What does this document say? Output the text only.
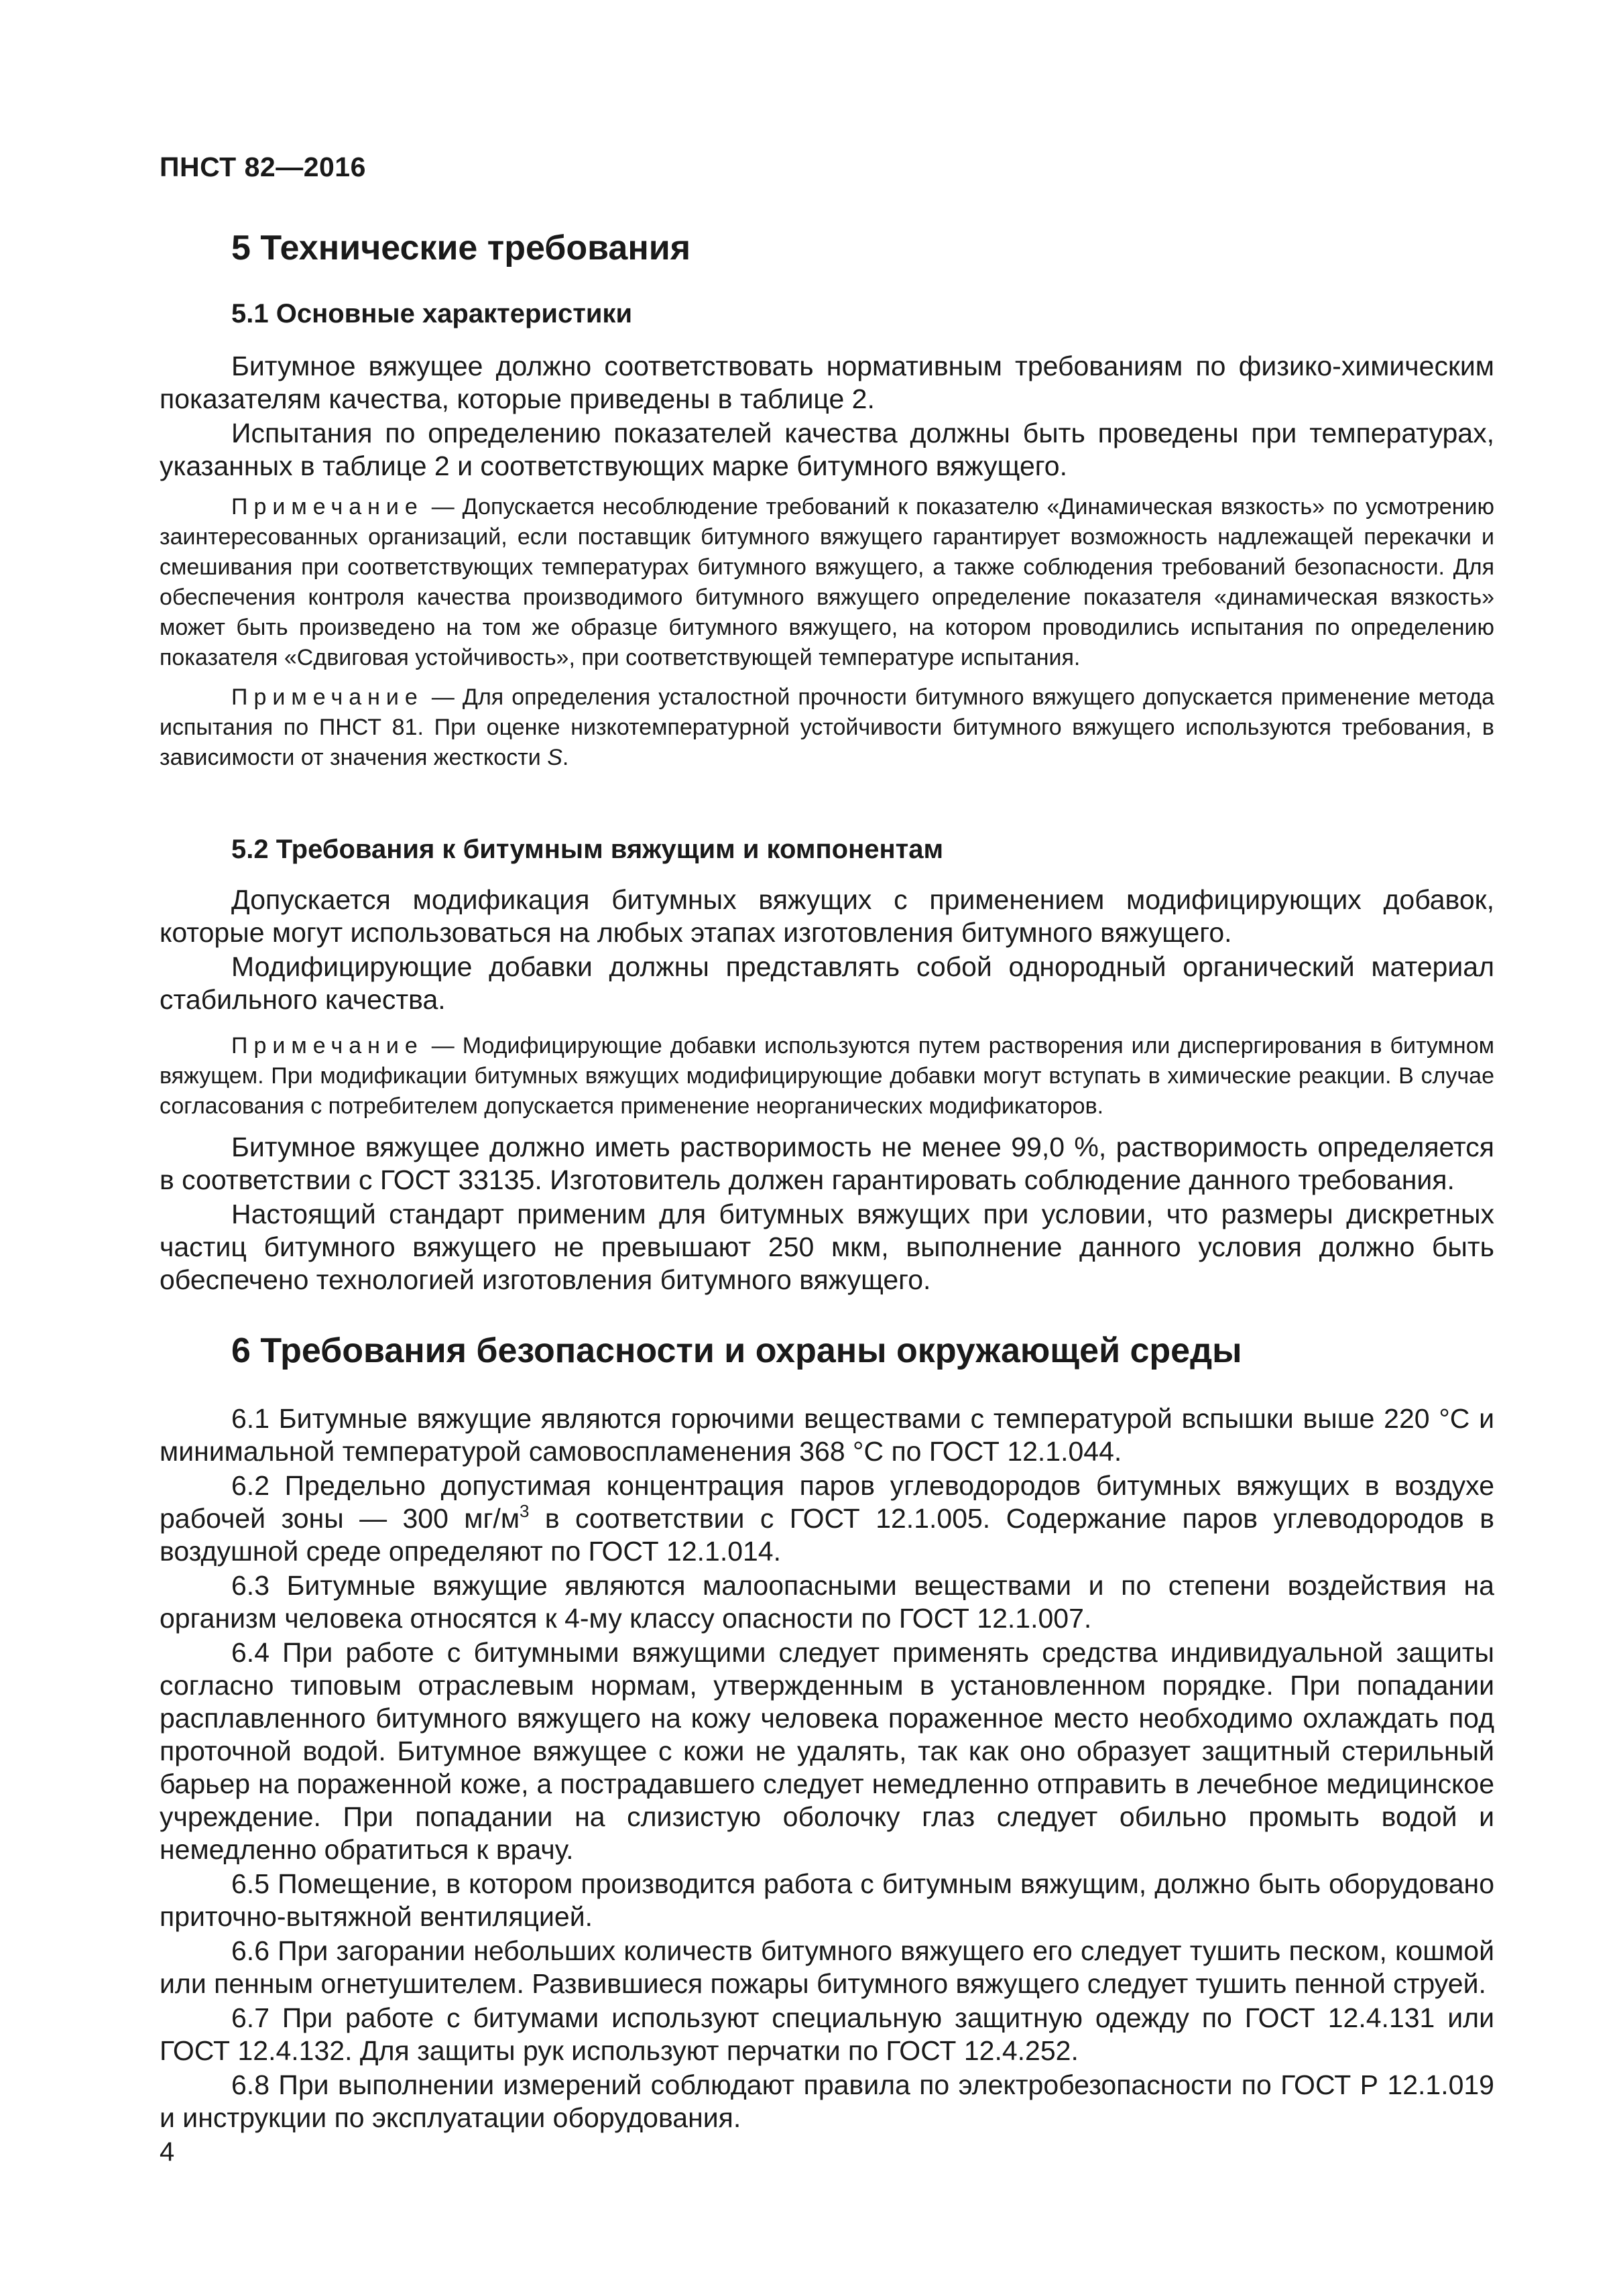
ПНСТ 82—2016
5 Технические требования
5.1 Основные характеристики

Битумное вяжущее должно соответствовать нормативным требованиям по физико-химическим показателям качества, которые приведены в таблице 2.

Испытания по определению показателей качества должны быть проведены при температурах, указанных в таблице 2 и соответствующих марке битумного вяжущего.

Примечание — Допускается несоблюдение требований к показателю «Динамическая вязкость» по усмотрению заинтересованных организаций, если поставщик битумного вяжущего гарантирует возможность надлежащей перекачки и смешивания при соответствующих температурах битумного вяжущего, а также соблюдения требований безопасности. Для обеспечения контроля качества производимого битумного вяжущего определение показателя «динамическая вязкость» может быть произведено на том же образце битумного вяжущего, на котором проводились испытания по определению показателя «Сдвиговая устойчивость», при соответствующей температуре испытания.

Примечание — Для определения усталостной прочности битумного вяжущего допускается применение метода испытания по ПНСТ 81. При оценке низкотемпературной устойчивости битумного вяжущего используются требования, в зависимости от значения жесткости S.

5.2 Требования к битумным вяжущим и компонентам

Допускается модификация битумных вяжущих с применением модифицирующих добавок, которые могут использоваться на любых этапах изготовления битумного вяжущего.

Модифицирующие добавки должны представлять собой однородный органический материал стабильного качества.

Примечание — Модифицирующие добавки используются путем растворения или диспергирования в битумном вяжущем. При модификации битумных вяжущих модифицирующие добавки могут вступать в химические реакции. В случае согласования с потребителем допускается применение неорганических модификаторов.

Битумное вяжущее должно иметь растворимость не менее 99,0 %, растворимость определяется в соответствии с ГОСТ 33135. Изготовитель должен гарантировать соблюдение данного требования.

Настоящий стандарт применим для битумных вяжущих при условии, что размеры дискретных частиц битумного вяжущего не превышают 250 мкм, выполнение данного условия должно быть обеспечено технологией изготовления битумного вяжущего.

6 Требования безопасности и охраны окружающей среды

6.1 Битумные вяжущие являются горючими веществами с температурой вспышки выше 220 °С и минимальной температурой самовоспламенения 368 °С по ГОСТ 12.1.044.

6.2 Предельно допустимая концентрация паров углеводородов битумных вяжущих в воздухе рабочей зоны — 300 $мг/м^3$ в соответствии с ГОСТ 12.1.005. Содержание паров углеводородов в воздушной среде определяют по ГОСТ 12.1.014.

6.3 Битумные вяжущие являются малоопасными веществами и по степени воздействия на организм человека относятся к 4-му классу опасности по ГОСТ 12.1.007.

6.4 При работе с битумными вяжущими следует применять средства индивидуальной защиты согласно типовым отраслевым нормам, утвержденным в установленном порядке. При попадании расплавленного битумного вяжущего на кожу человека пораженное место необходимо охлаждать под проточной водой. Битумное вяжущее с кожи не удалять, так как оно образует защитный стерильный барьер на пораженной коже, а пострадавшего следует немедленно отправить в лечебное медицинское учреждение. При попадании на слизистую оболочку глаз следует обильно промыть водой и немедленно обратиться к врачу.

6.5 Помещение, в котором производится работа с битумным вяжущим, должно быть оборудовано приточно-вытяжной вентиляцией.

6.6 При загорании небольших количеств битумного вяжущего его следует тушить песком, кошмой или пенным огнетушителем. Развившиеся пожары битумного вяжущего следует тушить пенной струей.

6.7 При работе с битумами используют специальную защитную одежду по ГОСТ 12.4.131 или ГОСТ 12.4.132. Для защиты рук используют перчатки по ГОСТ 12.4.252.

6.8 При выполнении измерений соблюдают правила по электробезопасности по ГОСТ Р 12.1.019 и инструкции по эксплуатации оборудования.

4
